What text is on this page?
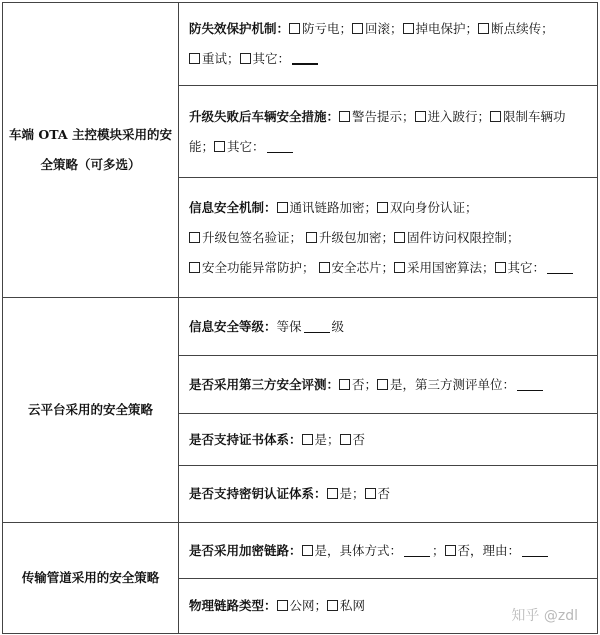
车端 OTA 主控模块采用的安全策略（可多选）	防失效保护机制： 防亏电； 回滚； 掉电保护； 断点续传；
重试； 其它：
	升级失败后车辆安全措施： 警告提示； 进入跛行； 限制车辆功能； 其它：
	信息安全机制： 通讯链路加密； 双向身份认证；升级包签名验证； 升级包加密； 固件访问权限控制；安全功能异常防护； 安全芯片； 采用国密算法； 其它：
云平台采用的安全策略	信息安全等级：等保 级
	是否采用第三方安全评测： 否； 是，第三方测评单位：
	是否支持证书体系： 是； 否
	是否支持密钥认证体系： 是； 否
传输管道采用的安全策略	是否采用加密链路： 是，具体方式： ； 否，理由：
	物理链路类型： 公网； 私网
知乎 @zdl
